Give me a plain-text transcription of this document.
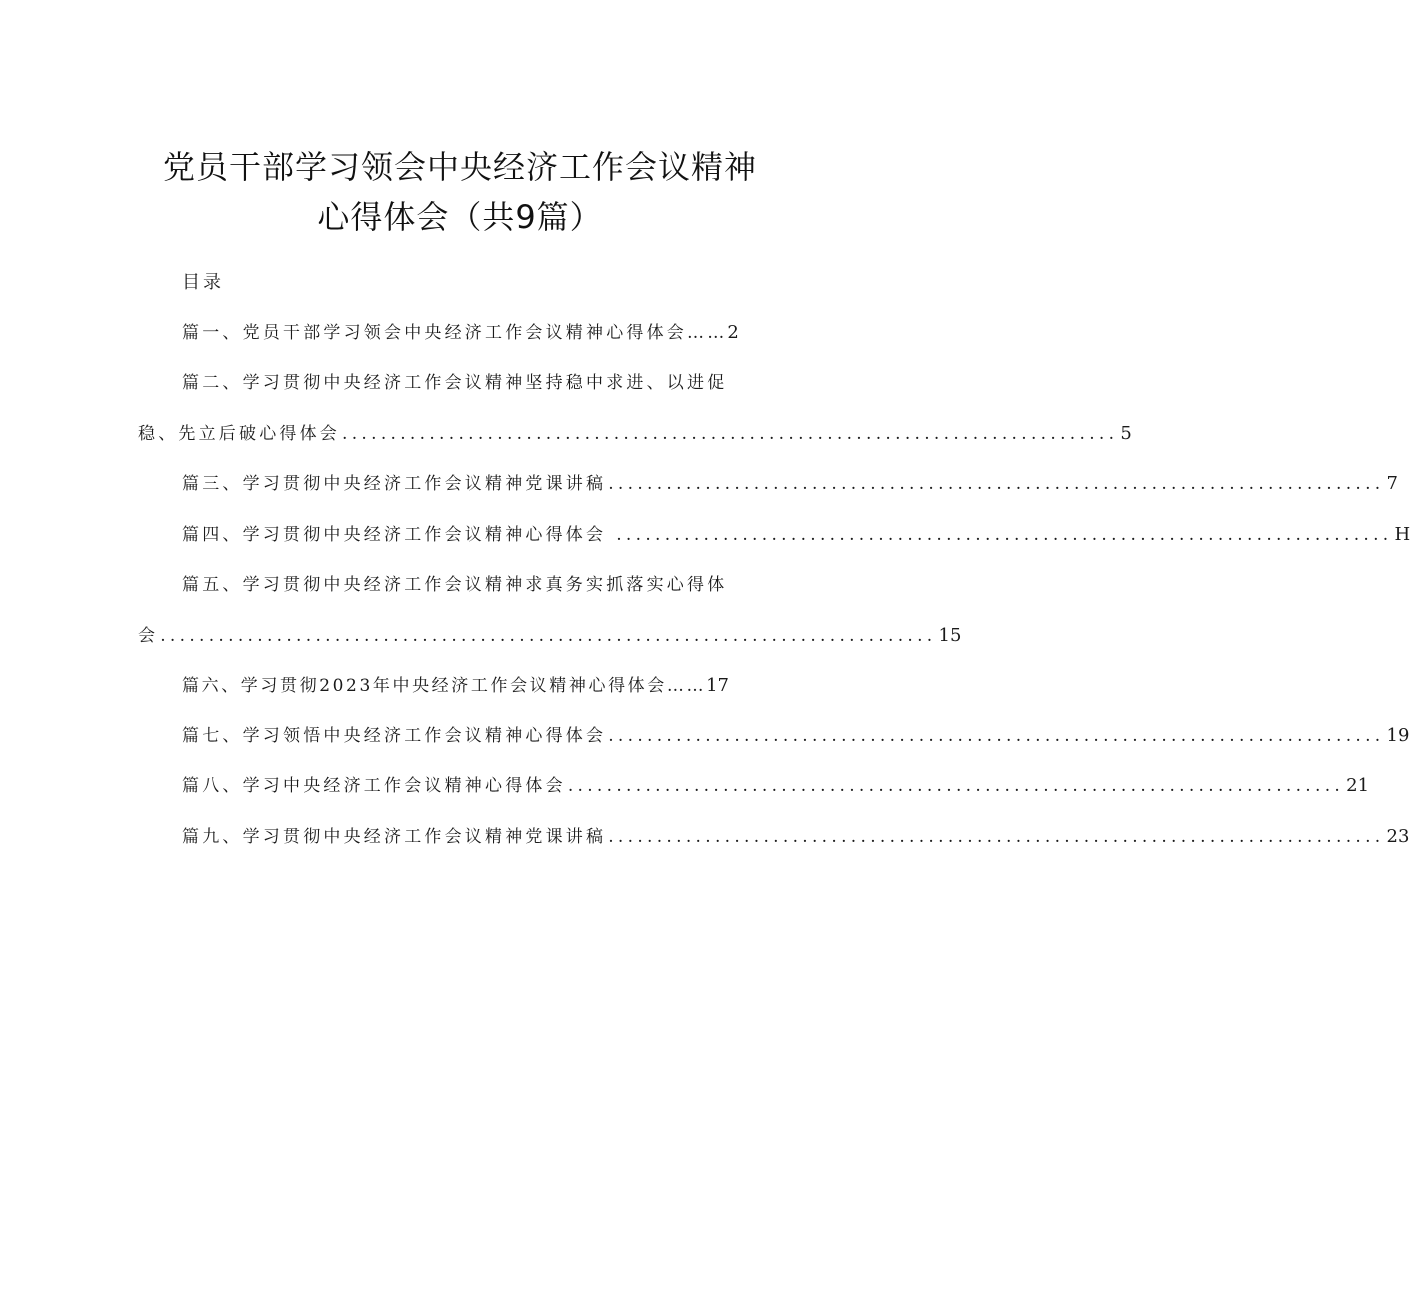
党员干部学习领会中央经济工作会议精神
心得体会（共9篇）
目录
篇一、党员干部学习领会中央经济工作会议精神心得体会……2
篇二、学习贯彻中央经济工作会议精神坚持稳中求进、以进促
稳、先立后破心得体会 ................................................................................ 5
篇三、学习贯彻中央经济工作会议精神党课讲稿 ................................................................................ 7
篇四、学习贯彻中央经济工作会议精神心得体会 ................................................................................ H
篇五、学习贯彻中央经济工作会议精神求真务实抓落实心得体
会 ................................................................................ 15
篇六、学习贯彻2023年中央经济工作会议精神心得体会……17
篇七、学习领悟中央经济工作会议精神心得体会 ................................................................................ 19
篇八、学习中央经济工作会议精神心得体会 ................................................................................ 21
篇九、学习贯彻中央经济工作会议精神党课讲稿 ................................................................................ 23
